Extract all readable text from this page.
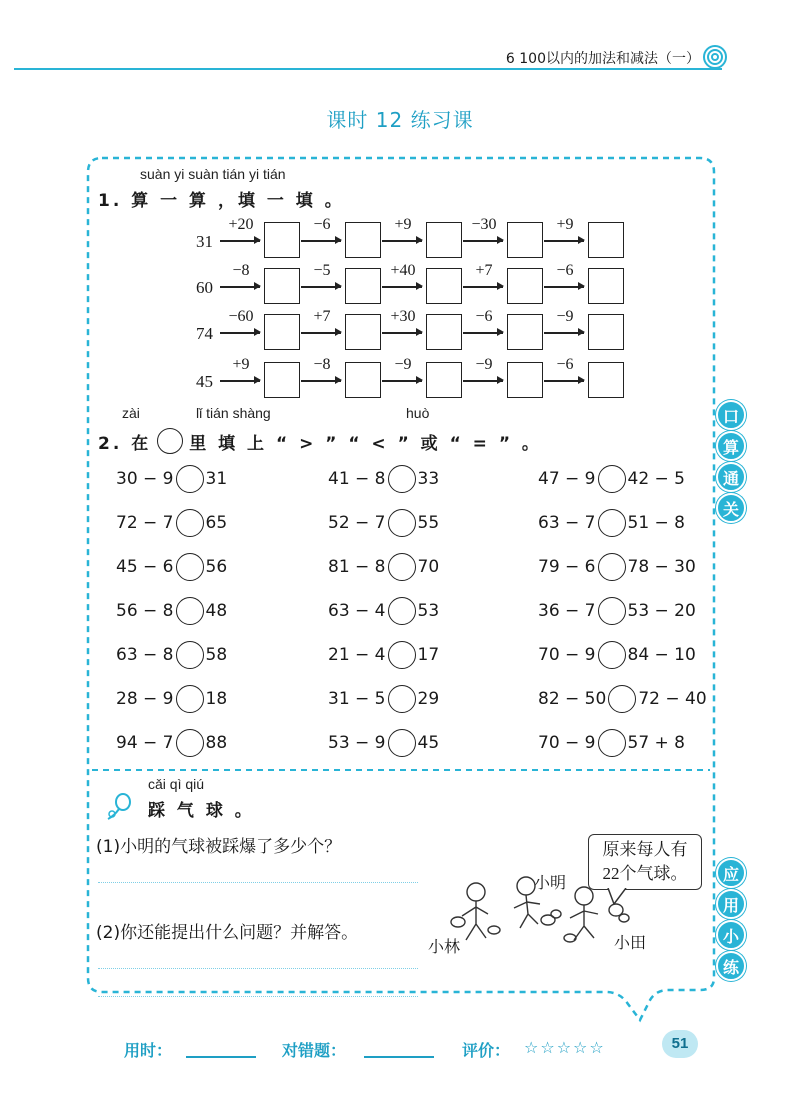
6 100以内的加法和减法（一）
课时 12 练习课
suàn yi suàn tián yi tián
1. 算 一 算 ，填 一 填 。
31
+20	−6	+9	−30	+9
60
−8	−5	+40	+7	−6
74
−60	+7	+30	−6	−9
45
+9	−8	−9	−9	−6
zài	lǐ tián shàng	huò
2. 在 里 填 上 “ > ” “ < ” 或 “ = ” 。
30 − 9 31	41 − 8 33	47 − 9 42 − 5
72 − 7 65	52 − 7 55	63 − 7 51 − 8
45 − 6 56	81 − 8 70	79 − 6 78 − 30
56 − 8 48	63 − 4 53	36 − 7 53 − 20
63 − 8 58	21 − 4 17	70 − 9 84 − 10
28 − 9 18	31 − 5 29	82 − 50 72 − 40
94 − 7 88	53 − 9 45	70 − 9 57 + 8
口
算
通
关
应
用
小
练
cǎi qì qiú
踩 气 球 。
(1)小明的气球被踩爆了多少个？
(2)你还能提出什么问题？并解答。
原来每人有
22个气球。
小明
小林	小田
用时：	对错题：	评价： ☆☆☆☆☆	51
